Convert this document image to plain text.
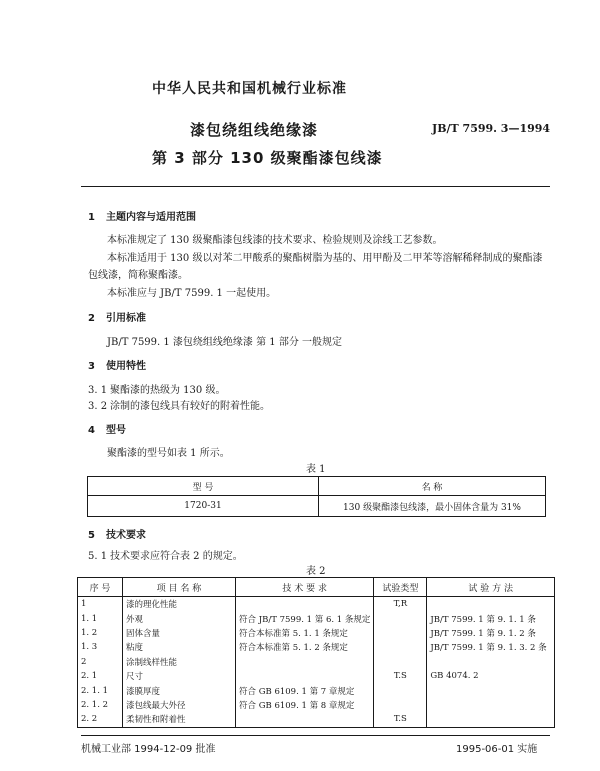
中华人民共和国机械行业标准
漆包绕组线绝缘漆
第 3 部分 130 级聚酯漆包线漆
JB/T 7599. 3—1994
1 主题内容与适用范围
本标准规定了 130 级聚酯漆包线漆的技术要求、检验规则及涂线工艺参数。
本标准适用于 130 级以对苯二甲酸系的聚酯树脂为基的、用甲酚及二甲苯等溶解稀释制成的聚酯漆包线漆，简称聚酯漆。
本标准应与 JB/T 7599. 1 一起使用。
2 引用标准
JB/T 7599. 1 漆包绕组线绝缘漆 第 1 部分 一般规定
3 使用特性
3. 1 聚酯漆的热级为 130 级。
3. 2 涂制的漆包线具有较好的附着性能。
4 型号
聚酯漆的型号如表 1 所示。
表 1
型 号	名 称
1720-31	130 级聚酯漆包线漆，最小固体含量为 31%
5 技术要求
5. 1 技术要求应符合表 2 的规定。
表 2
序 号	项 目 名 称	技 术 要 求	试验类型	试 验 方 法
1	漆的理化性能		T,R	
1. 1	外观	符合 JB/T 7599. 1 第 6. 1 条规定		JB/T 7599. 1 第 9. 1. 1 条
1. 2	固体含量	符合本标准第 5. 1. 1 条规定		JB/T 7599. 1 第 9. 1. 2 条
1. 3	粘度	符合本标准第 5. 1. 2 条规定		JB/T 7599. 1 第 9. 1. 3. 2 条
2	涂制线样性能			
2. 1	尺寸		T.S	GB 4074. 2
2. 1. 1	漆膜厚度	符合 GB 6109. 1 第 7 章规定		
2. 1. 2	漆包线最大外径	符合 GB 6109. 1 第 8 章规定		
2. 2	柔韧性和附着性		T.S	
机械工业部 1994-12-09 批准	1995-06-01 实施
